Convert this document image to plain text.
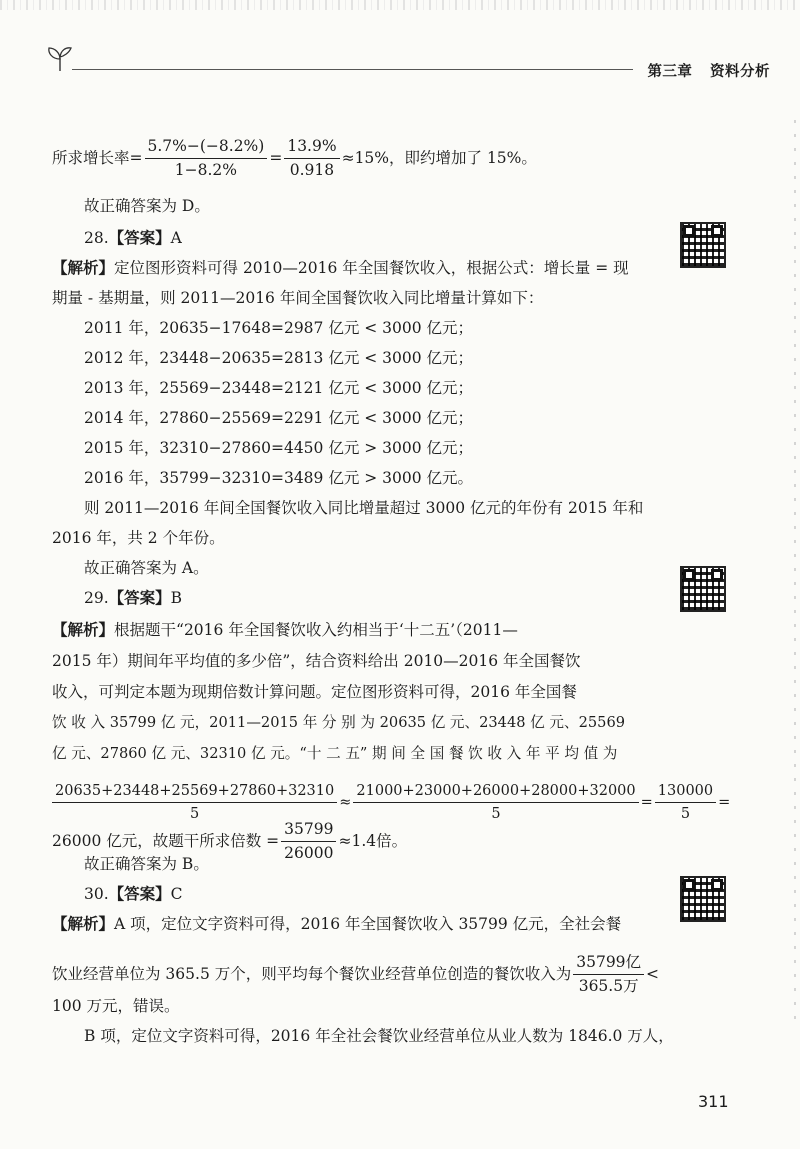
第三章 资料分析
所求增长率= $\frac{5.7\%-(-8.2\%)}{1-8.2\%} = \frac{13.9\%}{0.918} \approx 15\%$，即约增加了 15%。
故正确答案为 D。
28.【答案】A
【解析】定位图形资料可得 2010—2016 年全国餐饮收入，根据公式：增长量 = 现
期量 - 基期量，则 2011—2016 年间全国餐饮收入同比增量计算如下：
2011 年，20635−17648=2987 亿元 < 3000 亿元；
2012 年，23448−20635=2813 亿元 < 3000 亿元；
2013 年，25569−23448=2121 亿元 < 3000 亿元；
2014 年，27860−25569=2291 亿元 < 3000 亿元；
2015 年，32310−27860=4450 亿元 > 3000 亿元；
2016 年，35799−32310=3489 亿元 > 3000 亿元。
则 2011—2016 年间全国餐饮收入同比增量超过 3000 亿元的年份有 2015 年和
2016 年，共 2 个年份。
故正确答案为 A。
29.【答案】B
【解析】根据题干“2016 年全国餐饮收入约相当于‘十二五’（2011—
2015 年）期间年平均值的多少倍”，结合资料给出 2010—2016 年全国餐饮
收入，可判定本题为现期倍数计算问题。定位图形资料可得，2016 年全国餐
饮 收 入 35799 亿 元，2011—2015 年 分 别 为 20635 亿 元、23448 亿 元、25569
亿 元、27860 亿 元、32310 亿 元。“十 二 五” 期 间 全 国 餐 饮 收 入 年 平 均 值 为
$\frac{20635+23448+25569+27860+32310}{5} \approx \frac{21000+23000+26000+28000+32000}{5} = \frac{130000}{5}$ =
26000 亿元，故题干所求倍数 = $\frac{35799}{26000} \approx 1.4$倍。
故正确答案为 B。
30.【答案】C
【解析】A 项，定位文字资料可得，2016 年全国餐饮收入 35799 亿元，全社会餐
饮业经营单位为 365.5 万个，则平均每个餐饮业经营单位创造的餐饮收入为 $\frac{\text{35799亿}}{\text{365.5万}}$ <
100 万元，错误。
B 项，定位文字资料可得，2016 年全社会餐饮业经营单位从业人数为 1846.0 万人，
311
